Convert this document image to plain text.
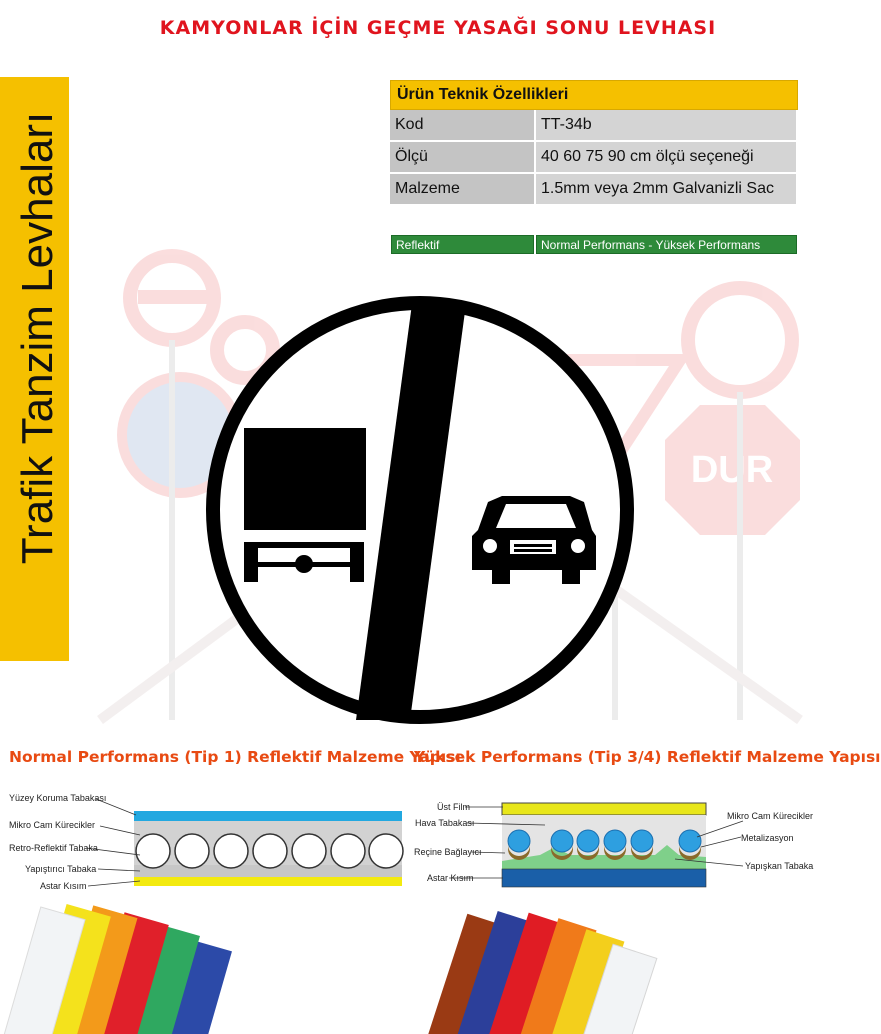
Trafik Tanzim Levhaları
KAMYONLAR İÇİN GEÇME YASAĞI SONU LEVHASI
DUR
Ürün Teknik Özellikleri	
Kod	TT-34b
Ölçü	40 60 75 90 cm ölçü seçeneği
Malzeme	1.5mm veya 2mm Galvanizli Sac
Reflektif	Normal Performans - Yüksek Performans
Normal Performans (Tip 1) Reflektif Malzeme Yapısı
Yüksek Performans (Tip 3/4) Reflektif Malzeme Yapısı
Yüzey Koruma Tabakası
Mikro Cam Kürecikler
Retro-Reflektif Tabaka
Yapıştırıcı Tabaka
Astar Kısım
Üst Film
Hava Tabakası
Reçine Bağlayıcı
Astar Kısım
Mikro Cam Kürecikler
Metalizasyon
Yapışkan Tabaka
